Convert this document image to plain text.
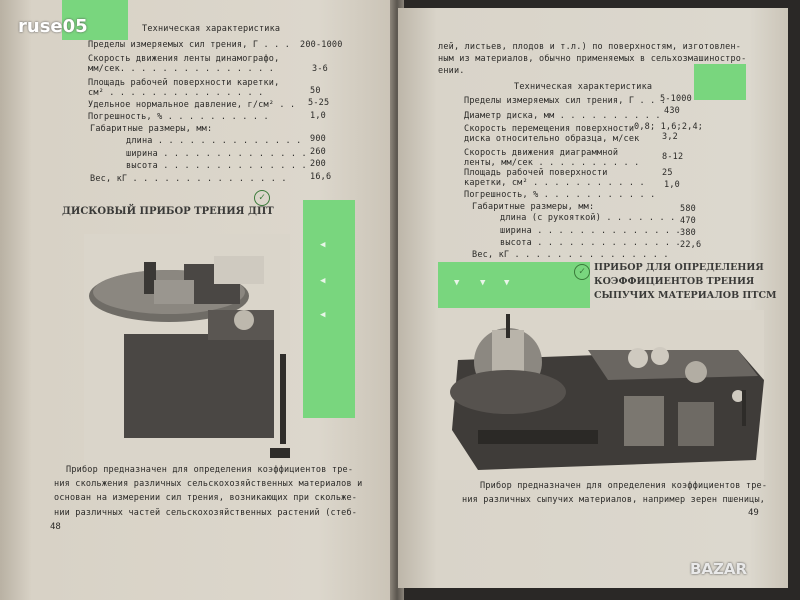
Техническая характеристика
Пределы измеряемых сил трения, Г . . . 200-1000
Скорость движения ленты динамографо,
мм/сек. . . . . . . . . . . . . . .	3-6
Площадь рабочей поверхности каретки,
см² . . . . . . . . . . . . . . .	50
Удельное нормальное давление, г/см² . . 5-25
Погрешность, % . . . . . . . . . .	1,0
Габаритные размеры, мм:
длина . . . . . . . . . . . . . . 900
ширина . . . . . . . . . . . . . . 260
высота . . . . . . . . . . . . . . 200
Вес, кГ . . . . . . . . . . . . . . .	16,6
ДИСКОВЫЙ ПРИБОР ТРЕНИЯ ДПТ
✓
◀
◀
◀
Прибор предназначен для определения коэффициентов тре-
ния скольжения различных сельскохозяйственных материалов и
основан на измерении сил трения, возникающих при скольже-
нии различных частей сельскохозяйственных растений (стеб-
48
лей, листьев, плодов и т.л.) по поверхностям, изготовлен-
ным из материалов, обычно применяемых в сельхозмашиностро-
ении.
Техническая характеристика
Пределы измеряемых сил трения, Г . . .
5-1000
Диаметр диска, мм . . . . . . . . . . 430
Скорость перемещения поверхности 0,8; 1,6;2,4;
диска относительно образца, м/сек	3,2
Скорость движения диаграммной
ленты, мм/сек . . . . . . . . . .
8-12
Площадь рабочей поверхности
каретки, см² . . . . . . . . . . .
25
Погрешность, % . . . . . . . . . . .
1,0
Габаритные размеры, мм:
длина (с рукояткой) . . . . . . .
580
ширина . . . . . . . . . . . . . .
470
высота . . . . . . . . . . . . . .
380
Вес, кГ . . . . . . . . . . . . . . .
22,6
▼ ▼ ▼
✓ ПРИБОР ДЛЯ ОПРЕДЕЛЕНИЯ
КОЭФФИЦИЕНТОВ ТРЕНИЯ
СЫПУЧИХ МАТЕРИАЛОВ ПТСМ
Прибор предназначен для определения коэффициентов тре-
ния различных сыпучих материалов, например зерен пшеницы,
49
ruse05
BAZAR
